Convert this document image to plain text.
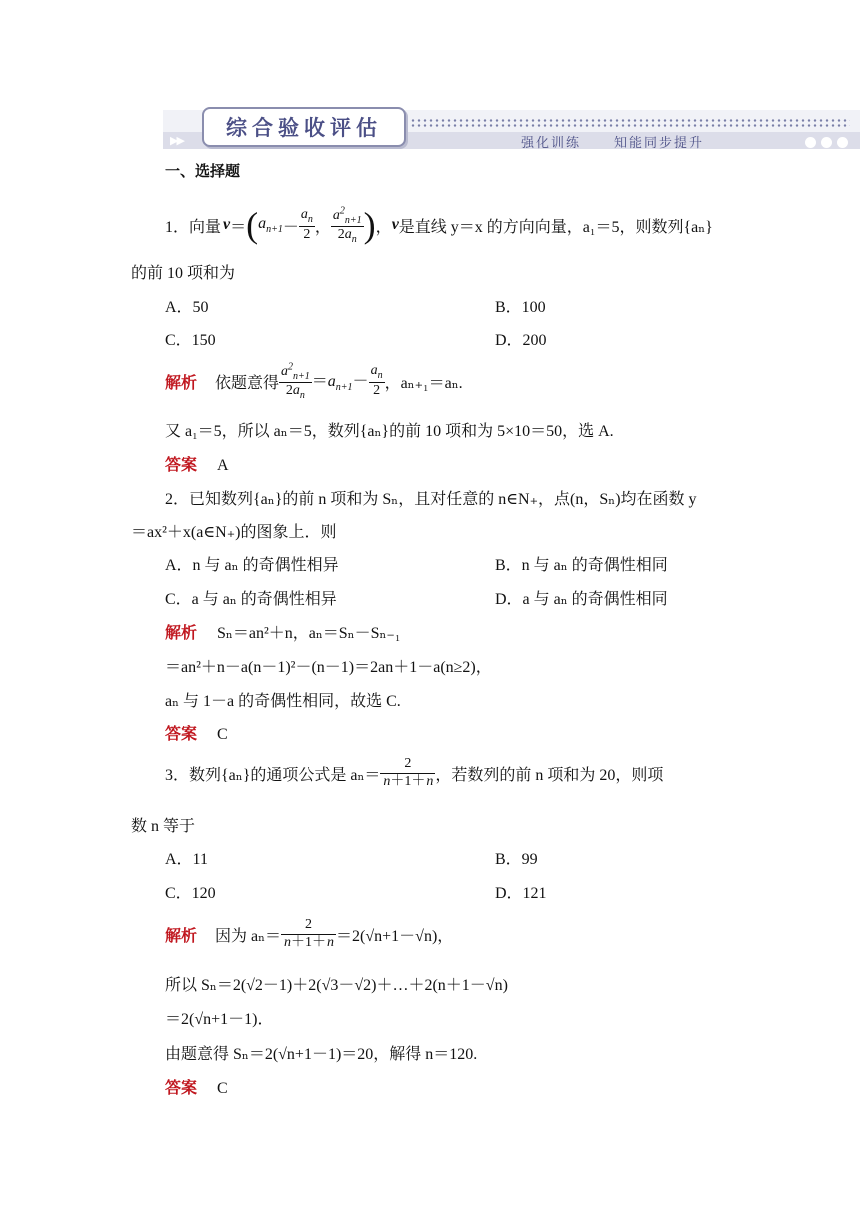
▶▶
综合验收评估
强化训练	知能同步提升
一、选择题
1．向量 v ＝ ( $a_{n+1} - \frac{a_n}{2}$ ， $\frac{a^2_{n+1}}{2a_n}$ ) ， v 是直线 y＝x 的方向向量，a₁＝5，则数列{aₙ}
的前 10 项和为
A．50	B．100
C．150	D．200
解析 依题意得 $\frac{a^2_{n+1}}{2a_n} =a_{n+1}- \frac{a_n}{2}$ ，aₙ₊₁＝aₙ.
又 a₁＝5，所以 aₙ＝5，数列{aₙ}的前 10 项和为 5×10＝50，选 A.
答案 A
2．已知数列{aₙ}的前 n 项和为 Sₙ，且对任意的 n∈N₊，点(n，Sₙ)均在函数 y
＝ax²＋x(a∈N₊)的图象上．则
A．n 与 aₙ 的奇偶性相异	B．n 与 aₙ 的奇偶性相同
C．a 与 aₙ 的奇偶性相异	D．a 与 aₙ 的奇偶性相同
解析 Sₙ＝an²＋n，aₙ＝Sₙ－Sₙ₋₁
＝an²＋n－a(n－1)²－(n－1)＝2an＋1－a(n≥2)，
aₙ 与 1－a 的奇偶性相同，故选 C.
答案 C
3．数列{aₙ}的通项公式是 $a_n= \frac{2}{n+1+n}$ ，若数列的前 n 项和为 20，则项
数 n 等于
A．11	B．99
C．120	D．121
解析 因为 $a_n= \frac{2}{n+1+n} =2(√n+1-√n)$，
所以 Sₙ＝2(√2－1)＋2(√3－√2)＋…＋2(n＋1－√n)
＝2(√n+1－1)．
由题意得 Sₙ＝2(√n+1－1)＝20，解得 n＝120.
答案 C
